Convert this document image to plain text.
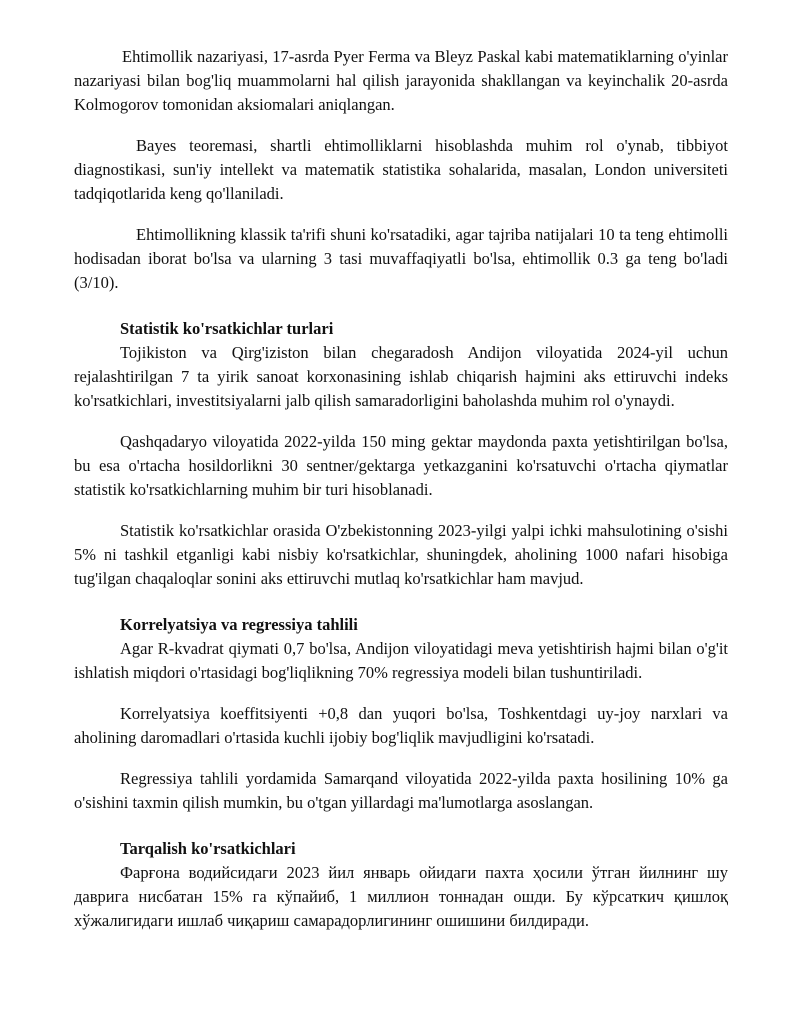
Ehtimollik nazariyasi, 17-asrda Pyer Ferma va Bleyz Paskal kabi matematiklarning o'yinlar nazariyasi bilan bog'liq muammolarni hal qilish jarayonida shakllangan va keyinchalik 20-asrda Kolmogorov tomonidan aksiomalari aniqlangan.

Bayes teoremasi, shartli ehtimolliklarni hisoblashda muhim rol o'ynab, tibbiyot diagnostikasi, sun'iy intellekt va matematik statistika sohalarida, masalan, London universiteti tadqiqotlarida keng qo'llaniladi.

Ehtimollikning klassik ta'rifi shuni ko'rsatadiki, agar tajriba natijalari 10 ta teng ehtimolli hodisadan iborat bo'lsa va ularning 3 tasi muvaffaqiyatli bo'lsa, ehtimollik 0.3 ga teng bo'ladi (3/10).

Statistik ko'rsatkichlar turlari

Tojikiston va Qirg'iziston bilan chegaradosh Andijon viloyatida 2024-yil uchun rejalashtirilgan 7 ta yirik sanoat korxonasining ishlab chiqarish hajmini aks ettiruvchi indeks ko'rsatkichlari, investitsiyalarni jalb qilish samaradorligini baholashda muhim rol o'ynaydi.

Qashqadaryo viloyatida 2022-yilda 150 ming gektar maydonda paxta yetishtirilgan bo'lsa, bu esa o'rtacha hosildorlikni 30 sentner/gektarga yetkazganini ko'rsatuvchi o'rtacha qiymatlar statistik ko'rsatkichlarning muhim bir turi hisoblanadi.

Statistik ko'rsatkichlar orasida O'zbekistonning 2023-yilgi yalpi ichki mahsulotining o'sishi 5% ni tashkil etganligi kabi nisbiy ko'rsatkichlar, shuningdek, aholining 1000 nafari hisobiga tug'ilgan chaqaloqlar sonini aks ettiruvchi mutlaq ko'rsatkichlar ham mavjud.

Korrelyatsiya va regressiya tahlili

Agar R-kvadrat qiymati 0,7 bo'lsa, Andijon viloyatidagi meva yetishtirish hajmi bilan o'g'it ishlatish miqdori o'rtasidagi bog'liqlikning 70% regressiya modeli bilan tushuntiriladi.

Korrelyatsiya koeffitsiyenti +0,8 dan yuqori bo'lsa, Toshkentdagi uy-joy narxlari va aholining daromadlari o'rtasida kuchli ijobiy bog'liqlik mavjudligini ko'rsatadi.

Regressiya tahlili yordamida Samarqand viloyatida 2022-yilda paxta hosilining 10% ga o'sishini taxmin qilish mumkin, bu o'tgan yillardagi ma'lumotlarga asoslangan.

Tarqalish ko'rsatkichlari

Фарғона водийсидаги 2023 йил январь ойидаги пахта ҳосили ўтган йилнинг шу даврига нисбатан 15% га кўпайиб, 1 миллион тоннадан ошди. Бу кўрсаткич қишлоқ хўжалигидаги ишлаб чиқариш самарадорлигининг ошишини билдиради.
